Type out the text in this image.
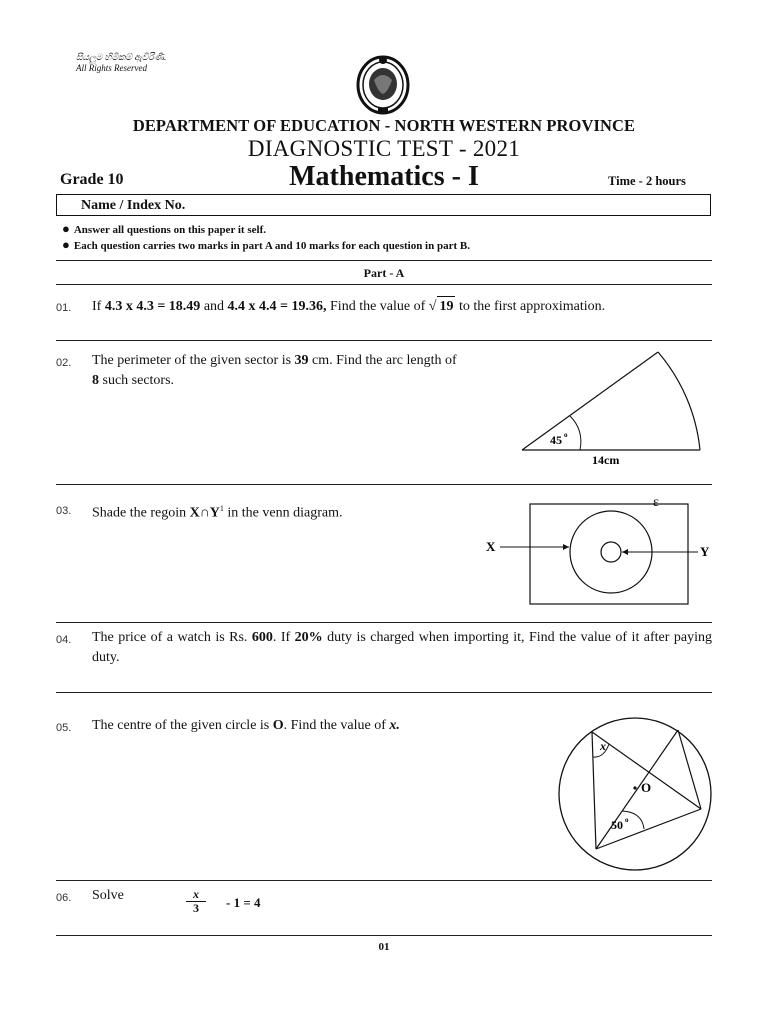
සියලුම හිමිකම් ඇවිරිණි.
All Rights Reserved
DEPARTMENT OF EDUCATION - NORTH WESTERN PROVINCE
DIAGNOSTIC TEST - 2021
Grade 10	Mathematics - I	Time - 2 hours
Name / Index No.
● Answer all questions on this paper it self.
● Each question carries two marks in part A and 10 marks for each question in part B.
Part - A
01. If 4.3 x 4.3 = 18.49 and 4.4 x 4.4 = 19.36, Find the value of √ 19 to the first approximation.
02. The perimeter of the given sector is 39 cm. Find the arc length of
8 such sectors.
45 o
14cm
03. Shade the regoin $X\cap Y^1$ in the venn diagram.
ε
X	Y
04. The price of a watch is Rs. 600. If 20% duty is charged when importing it, Find the value of it after paying duty.
05. The centre of the given circle is O. Find the value of x.
x
O
50 o
06. Solve	$\frac{x}{3} - 1 = 4$
01
